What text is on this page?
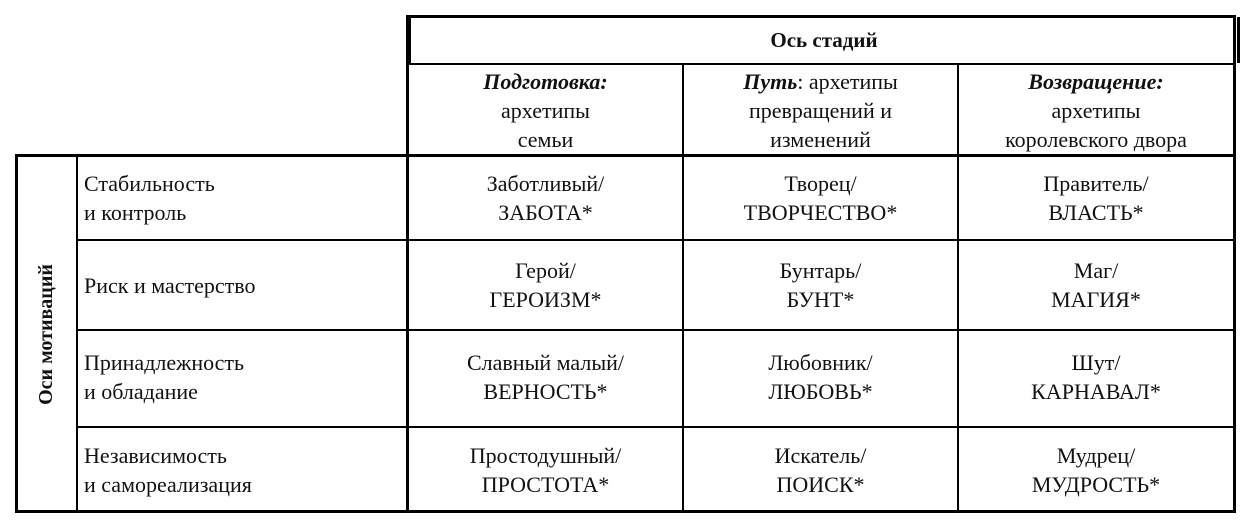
Ось стадий
Подготовка:
архетипы
семьи
Путь: архетипы
превращений и
изменений
Возвращение:
архетипы
королевского двора
Оси мотиваций
Стабильность
и контроль
Заботливый/
ЗАБОТА*
Творец/
ТВОРЧЕСТВО*
Правитель/
ВЛАСТЬ*
Риск и мастерство
Герой/
ГЕРОИЗМ*
Бунтарь/
БУНТ*
Маг/
МАГИЯ*
Принадлежность
и обладание
Славный малый/
ВЕРНОСТЬ*
Любовник/
ЛЮБОВЬ*
Шут/
КАРНАВАЛ*
Независимость
и самореализация
Простодушный/
ПРОСТОТА*
Искатель/
ПОИСК*
Мудрец/
МУДРОСТЬ*
